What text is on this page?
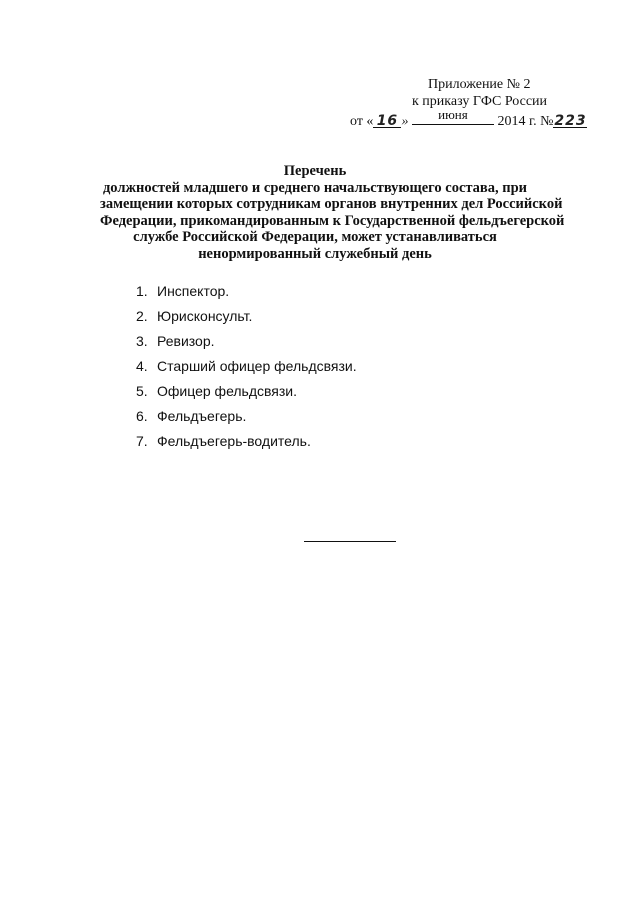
Приложение № 2
к приказу ГФС России
от « 16 »	июня	2014 г. №223
Перечень
должностей младшего и среднего начальствующего состава, при
замещении которых сотрудникам органов внутренних дел Российской
Федерации, прикомандированным к Государственной фельдъегерской
службе Российской Федерации, может устанавливаться
ненормированный служебный день
1. Инспектор.
2. Юрисконсульт.
3. Ревизор.
4. Старший офицер фельдсвязи.
5. Офицер фельдсвязи.
6. Фельдъегерь.
7. Фельдъегерь-водитель.
